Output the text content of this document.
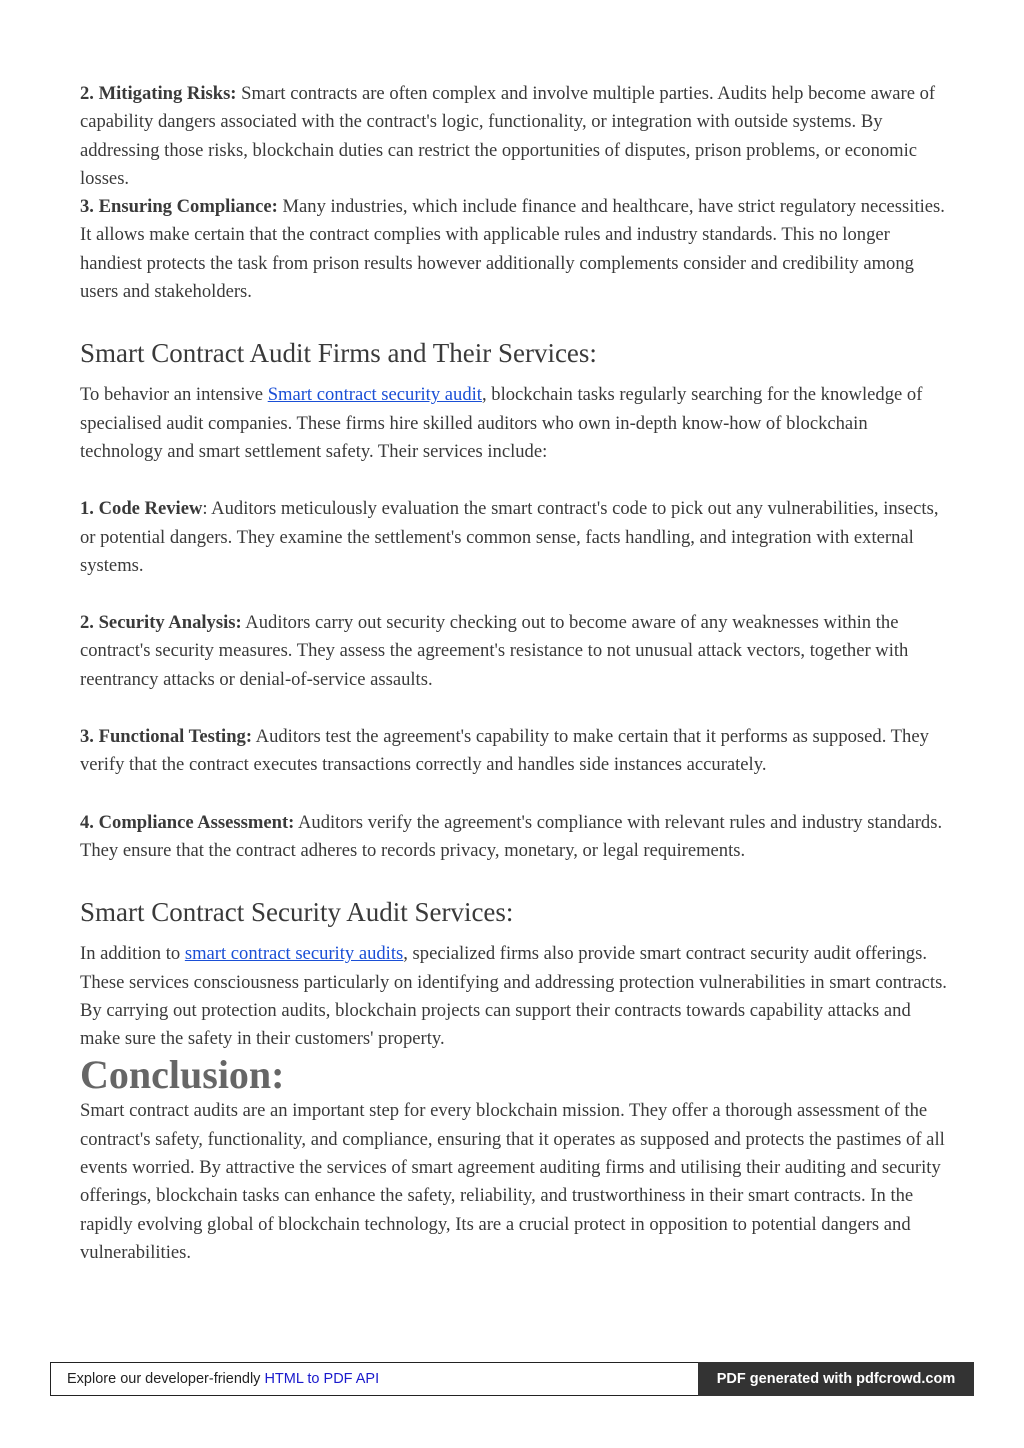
2. Mitigating Risks: Smart contracts are often complex and involve multiple parties. Audits help become aware of capability dangers associated with the contract's logic, functionality, or integration with outside systems. By addressing those risks, blockchain duties can restrict the opportunities of disputes, prison problems, or economic losses.

3. Ensuring Compliance: Many industries, which include finance and healthcare, have strict regulatory necessities. It allows make certain that the contract complies with applicable rules and industry standards. This no longer handiest protects the task from prison results however additionally complements consider and credibility among users and stakeholders.

Smart Contract Audit Firms and Their Services:

To behavior an intensive Smart contract security audit, blockchain tasks regularly searching for the knowledge of specialised audit companies. These firms hire skilled auditors who own in-depth know-how of blockchain technology and smart settlement safety. Their services include:

1. Code Review: Auditors meticulously evaluation the smart contract's code to pick out any vulnerabilities, insects, or potential dangers. They examine the settlement's common sense, facts handling, and integration with external systems.

2. Security Analysis: Auditors carry out security checking out to become aware of any weaknesses within the contract's security measures. They assess the agreement's resistance to not unusual attack vectors, together with reentrancy attacks or denial-of-service assaults.

3. Functional Testing: Auditors test the agreement's capability to make certain that it performs as supposed. They verify that the contract executes transactions correctly and handles side instances accurately.

4. Compliance Assessment: Auditors verify the agreement's compliance with relevant rules and industry standards. They ensure that the contract adheres to records privacy, monetary, or legal requirements.

Smart Contract Security Audit Services:

In addition to smart contract security audits, specialized firms also provide smart contract security audit offerings. These services consciousness particularly on identifying and addressing protection vulnerabilities in smart contracts. By carrying out protection audits, blockchain projects can support their contracts towards capability attacks and make sure the safety in their customers' property.

Conclusion:

Smart contract audits are an important step for every blockchain mission. They offer a thorough assessment of the contract's safety, functionality, and compliance, ensuring that it operates as supposed and protects the pastimes of all events worried. By attractive the services of smart agreement auditing firms and utilising their auditing and security offerings, blockchain tasks can enhance the safety, reliability, and trustworthiness in their smart contracts. In the rapidly evolving global of blockchain technology, Its are a crucial protect in opposition to potential dangers and vulnerabilities.

Explore our developer-friendly HTML to PDF API	PDF generated with pdfcrowd.com
